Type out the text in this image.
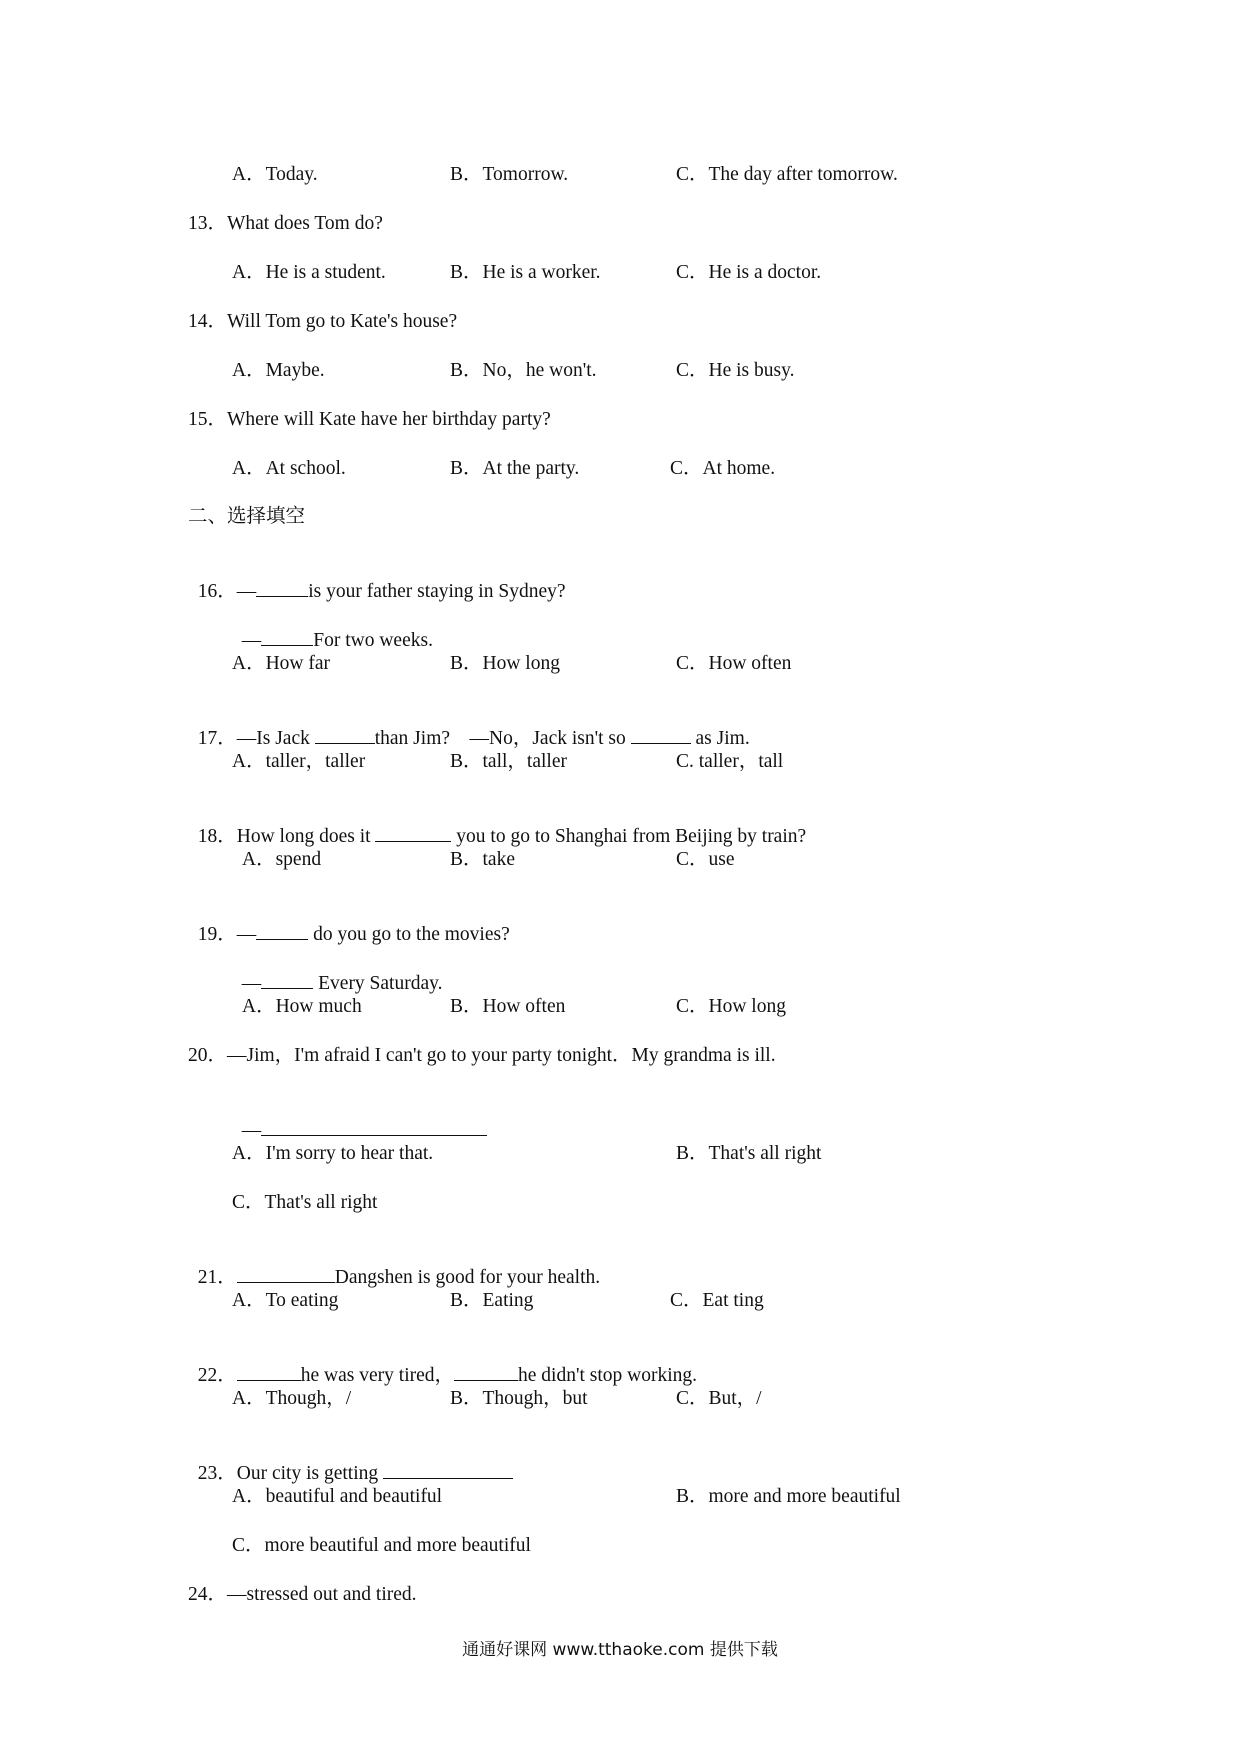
A．Today.	B．Tomorrow.	C．The day after tomorrow.
13．What does Tom do?
A．He is a student.	B．He is a worker.	C．He is a doctor.
14．Will Tom go to Kate's house?
A．Maybe.	B．No，he won't.	C．He is busy.
15．Where will Kate have her birthday party?
A．At school.	B．At the party.	C．At home.
二、选择填空

16．—	is your father staying in Sydney?

—	For two weeks.

A．How far	B．How long	C．How often

17．—Is Jack	than Jim?　—No，Jack isn't so	as Jim.

A．taller，taller	B．tall，taller	C. taller，tall

18．How long does it	you to go to Shanghai from Beijing by train?

A．spend	B．take	C．use

19．—	do you go to the movies?

—	Every Saturday.

A．How much	B．How often	C．How long
20．—Jim，I'm afraid I can't go to your party tonight．My grandma is ill.

—

A．I'm sorry to hear that.	B．That's all right
C．That's all right

21．	Dangshen is good for your health.

A．To eating	B．Eating	C．Eat ting

22．	he was very tired，	he didn't stop working.

A．Though，/	B．Though，but	C．But，/

23．Our city is getting

A．beautiful and beautiful	B．more and more beautiful
C．more beautiful and more beautiful
24．—stressed out and tired.
通通好课网 www.tthaoke.com 提供下载
